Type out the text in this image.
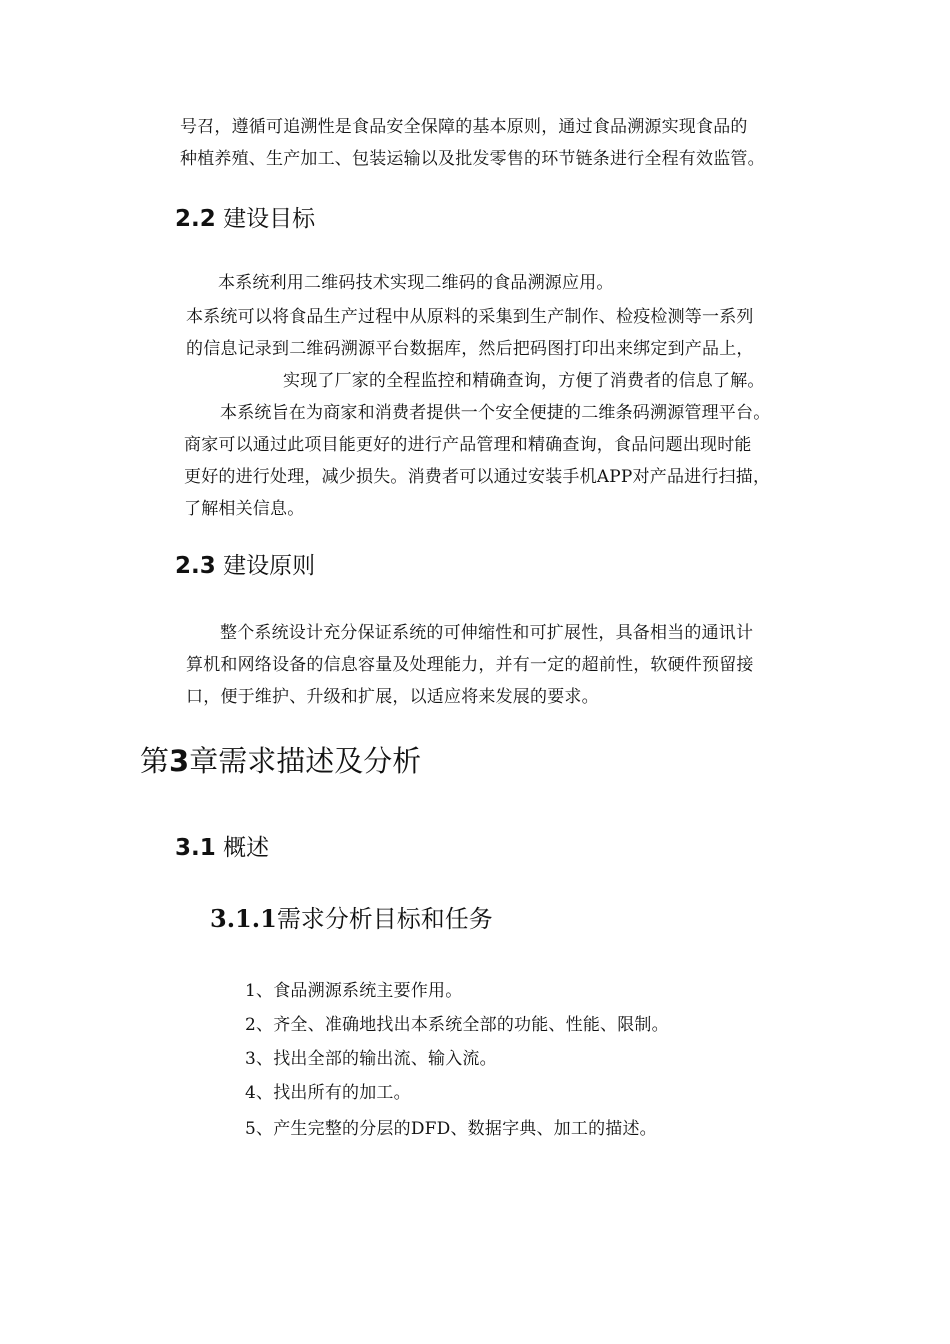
号召，遵循可追溯性是食品安全保障的基本原则，通过食品溯源实现食品的
种植养殖、生产加工、包装运输以及批发零售的环节链条进行全程有效监管。
2.2 建设目标
本系统利用二维码技术实现二维码的食品溯源应用。
本系统可以将食品生产过程中从原料的采集到生产制作、检疫检测等一系列
的信息记录到二维码溯源平台数据库，然后把码图打印出来绑定到产品上，
实现了厂家的全程监控和精确查询，方便了消费者的信息了解。
本系统旨在为商家和消费者提供一个安全便捷的二维条码溯源管理平台。
商家可以通过此项目能更好的进行产品管理和精确查询，食品问题出现时能
更好的进行处理，减少损失。消费者可以通过安装手机APP对产品进行扫描，
了解相关信息。
2.3 建设原则
整个系统设计充分保证系统的可伸缩性和可扩展性，具备相当的通讯计
算机和网络设备的信息容量及处理能力，并有一定的超前性，软硬件预留接
口，便于维护、升级和扩展，以适应将来发展的要求。
第3章需求描述及分析
3.1 概述
3.1.1需求分析目标和任务
1、食品溯源系统主要作用。
2、齐全、准确地找出本系统全部的功能、性能、限制。
3、找出全部的输出流、输入流。
4、找出所有的加工。
5、产生完整的分层的DFD、数据字典、加工的描述。
